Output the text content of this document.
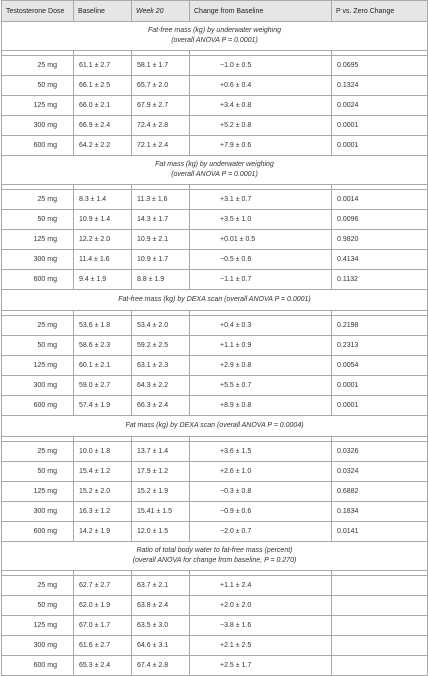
Testosterone Dose	Baseline	Week 20	Change from Baseline	P vs. Zero Change
Fat-free mass (kg) by underwater weighing
(overall ANOVA P = 0.0001)				

25 mg	61.1 ± 2.7	58.1 ± 1.7	−1.0 ± 0.5	0.0695
50 mg	66.1 ± 2.5	65.7 ± 2.0	+0.6 ± 0.4	0.1324
125 mg	66.0 ± 2.1	67.9 ± 2.7	+3.4 ± 0.8	0.0024
300 mg	66.9 ± 2.4	72.4 ± 2.8	+5.2 ± 0.8	0.0001
600 mg	64.2 ± 2.2	72.1 ± 2.4	+7.9 ± 0.6	0.0001
Fat mass (kg) by underwater weighing
(overall ANOVA P = 0.0001)				

25 mg	8.3 ± 1.4	11.3 ± 1.6	+3.1 ± 0.7	0.0014
50 mg	10.9 ± 1.4	14.3 ± 1.7	+3.5 ± 1.0	0.0096
125 mg	12.2 ± 2.0	10.9 ± 2.1	+0.01 ± 0.5	0.9820
300 mg	11.4 ± 1.6	10.9 ± 1.7	−0.5 ± 0.6	0.4134
600 mg	9.4 ± 1.9	8.8 ± 1.9	−1.1 ± 0.7	0.1132
Fat-free mass (kg) by DEXA scan (overall ANOVA P = 0.0001)				

25 mg	53.6 ± 1.8	53.4 ± 2.0	+0.4 ± 0.3	0.2198
50 mg	58.6 ± 2.3	59.2 ± 2.5	+1.1 ± 0.9	0.2313
125 mg	60.1 ± 2.1	63.1 ± 2.3	+2.9 ± 0.8	0.0054
300 mg	59.0 ± 2.7	64.3 ± 2.2	+5.5 ± 0.7	0.0001
600 mg	57.4 ± 1.9	66.3 ± 2.4	+8.9 ± 0.8	0.0001
Fat mass (kg) by DEXA scan (overall ANOVA P = 0.0004)				

25 mg	10.0 ± 1.8	13.7 ± 1.4	+3.6 ± 1.5	0.0326
50 mg	15.4 ± 1.2	17.9 ± 1.2	+2.6 ± 1.0	0.0324
125 mg	15.2 ± 2.0	15.2 ± 1.9	−0.3 ± 0.8	0.6882
300 mg	16.3 ± 1.2	15.41 ± 1.5	−0.9 ± 0.6	0.1834
600 mg	14.2 ± 1.9	12.0 ± 1.5	−2.0 ± 0.7	0.0141
Ratio of total body water to fat-free mass (percent)
(overall ANOVA for change from baseline, P = 0.270)				

25 mg	62.7 ± 2.7	63.7 ± 2.1	+1.1 ± 2.4	
50 mg	62.0 ± 1.9	63.8 ± 2.4	+2.0 ± 2.0	
125 mg	67.0 ± 1.7	63.5 ± 3.0	−3.8 ± 1.6	
300 mg	61.6 ± 2.7	64.6 ± 3.1	+2.1 ± 2.5	
600 mg	65.3 ± 2.4	67.4 ± 2.8	+2.5 ± 1.7	
